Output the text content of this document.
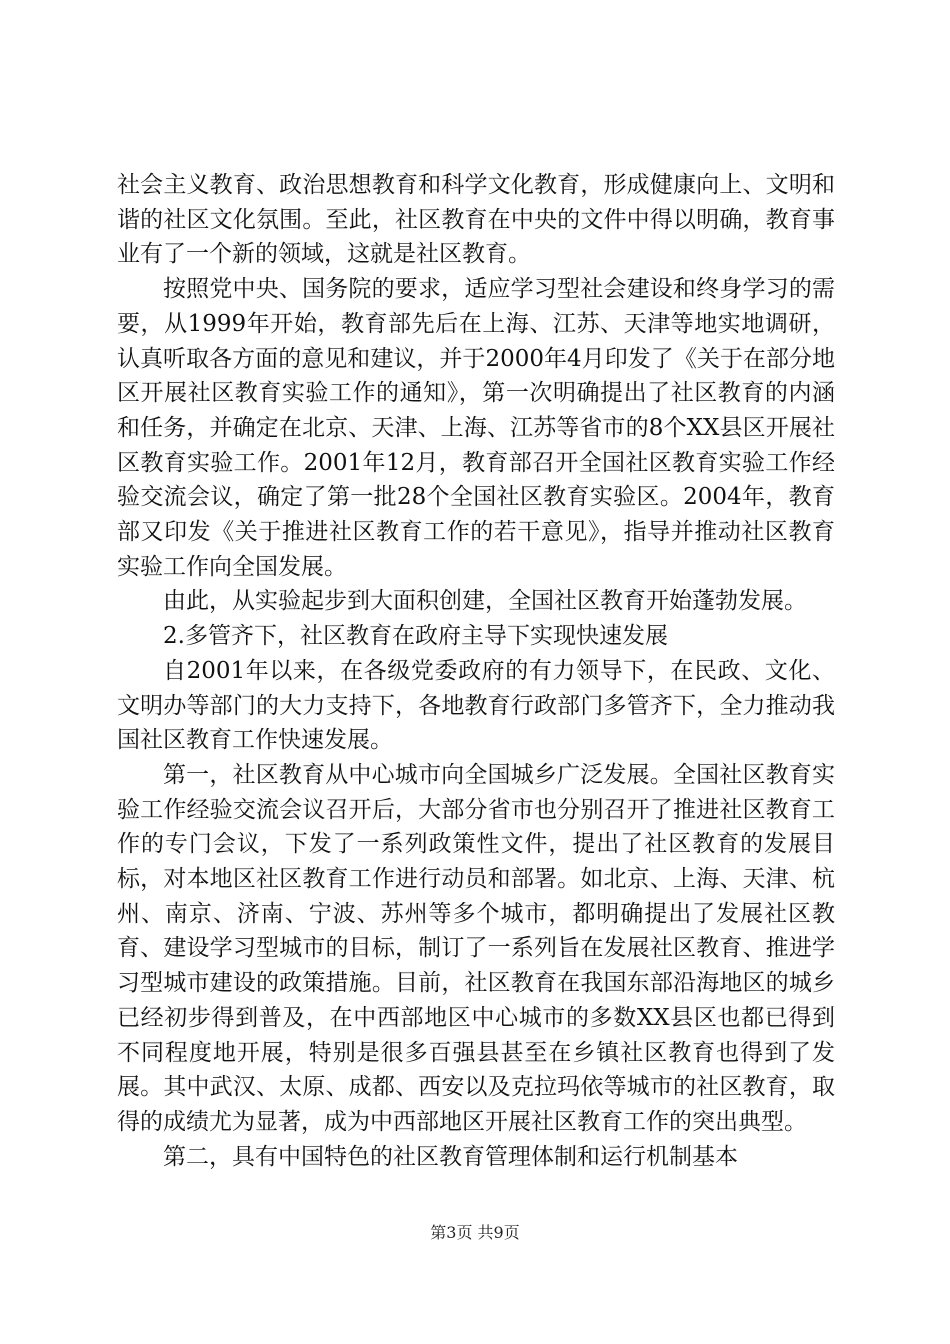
社会主义教育、政治思想教育和科学文化教育，形成健康向上、文明和谐的社区文化氛围。至此，社区教育在中央的文件中得以明确，教育事业有了一个新的领域，这就是社区教育。

按照党中央、国务院的要求，适应学习型社会建设和终身学习的需要，从1999年开始，教育部先后在上海、江苏、天津等地实地调研，认真听取各方面的意见和建议，并于2000年4月印发了《关于在部分地区开展社区教育实验工作的通知》，第一次明确提出了社区教育的内涵和任务，并确定在北京、天津、上海、江苏等省市的8个XX县区开展社区教育实验工作。2001年12月，教育部召开全国社区教育实验工作经验交流会议，确定了第一批28个全国社区教育实验区。2004年，教育部又印发《关于推进社区教育工作的若干意见》，指导并推动社区教育实验工作向全国发展。

由此，从实验起步到大面积创建，全国社区教育开始蓬勃发展。

2.多管齐下，社区教育在政府主导下实现快速发展

自2001年以来，在各级党委政府的有力领导下，在民政、文化、文明办等部门的大力支持下，各地教育行政部门多管齐下，全力推动我国社区教育工作快速发展。

第一，社区教育从中心城市向全国城乡广泛发展。全国社区教育实验工作经验交流会议召开后，大部分省市也分别召开了推进社区教育工作的专门会议，下发了一系列政策性文件，提出了社区教育的发展目标，对本地区社区教育工作进行动员和部署。如北京、上海、天津、杭州、南京、济南、宁波、苏州等多个城市，都明确提出了发展社区教育、建设学习型城市的目标，制订了一系列旨在发展社区教育、推进学习型城市建设的政策措施。目前，社区教育在我国东部沿海地区的城乡已经初步得到普及，在中西部地区中心城市的多数XX县区也都已得到不同程度地开展，特别是很多百强县甚至在乡镇社区教育也得到了发展。其中武汉、太原、成都、西安以及克拉玛依等城市的社区教育，取得的成绩尤为显著，成为中西部地区开展社区教育工作的突出典型。

第二，具有中国特色的社区教育管理体制和运行机制基本

第3页 共9页
